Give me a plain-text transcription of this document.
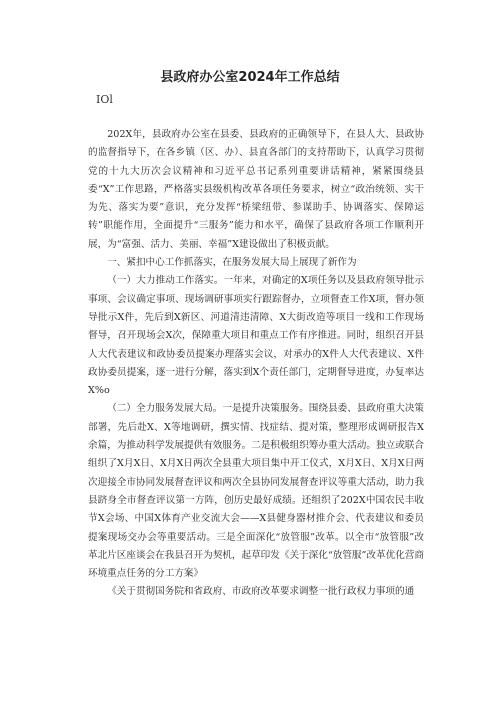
县政府办公室2024年工作总结
IOl

202X年，县政府办公室在县委、县政府的正确领导下，在县人大、县政协的监督指导下，在各乡镇（区、办）、县直各部门的支持帮助下，认真学习贯彻党的十九大历次会议精神和习近平总书记系列重要讲话精神，紧紧围绕县委“X”工作思路，严格落实县级机构改革各项任务要求，树立“政治统领、实干为先、落实为要”意识，充分发挥“桥梁纽带、参谋助手、协调落实、保障运转”职能作用，全面提升“三服务”能力和水平，确保了县政府各项工作顺利开展，为“富强、活力、美丽、幸福”X建设做出了积极贡献。

一、紧扣中心工作抓落实，在服务发展大局上展现了新作为

（一）大力推动工作落实。一年来，对确定的X项任务以及县政府领导批示事项、会议确定事项、现场调研事项实行跟踪督办，立项督查工作X项，督办领导批示X件，先后到X新区、河道清违清障、X大街改造等项目一线和工作现场督导，召开现场会X次，保障重大项目和重点工作有序推进。同时，组织召开县人大代表建议和政协委员提案办理落实会议，对承办的X件人大代表建议、X件政协委员提案，逐一进行分解，落实到X个责任部门，定期督导进度，办复率达X%o

（二）全力服务发展大局。一是提升决策服务。围绕县委、县政府重大决策部署，先后赴X、X等地调研，撰实情、找症结、提对策，整理形成调研报告X余篇，为推动科学发展提供有效服务。二是积极组织筹办重大活动。独立或联合组织了X月X日、X月X日两次全县重大项目集中开工仪式，X月X日、X月X日两次迎接全市协同发展督查评议和两次全县协同发展督查评议等重大活动，助力我县跻身全市督查评议第一方阵，创历史最好成绩。还组织了202X中国农民丰收节X会场、中国X体育产业交流大会——X县健身器材推介会、代表建议和委员提案现场交办会等重要活动。三是全面深化“放管服”改革。以全市“放管服”改革北片区座谈会在我县召开为契机，起草印发《关于深化“放管服”改革优化营商环境重点任务的分工方案》

《关于贯彻国务院和省政府、市政府改革要求调整一批行政权力事项的通
